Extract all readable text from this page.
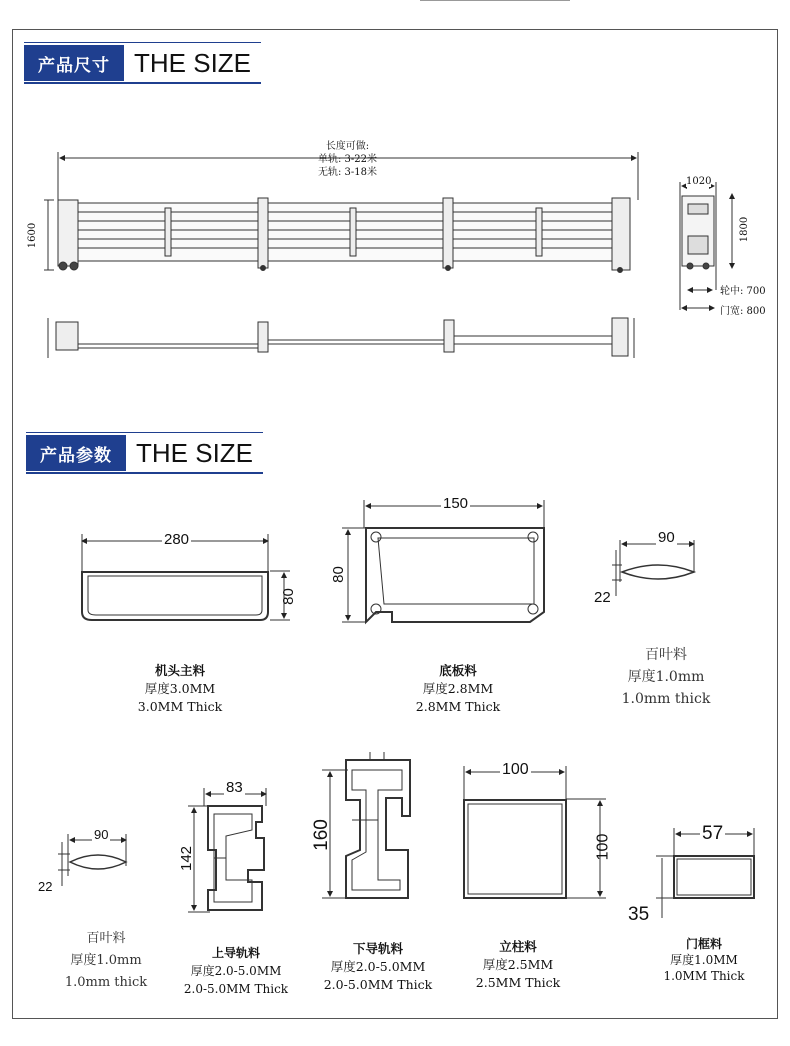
产品尺寸 THE SIZE
产品参数 THE SIZE
长度可做:
单轨: 3-22米
无轨: 3-18米
1600
1020
1800
轮中: 700
门宽: 800
280
80
150
80
90
22
90
22
83
142
160
100
100
57
35
机头主料
厚度3.0MM
3.0MM Thick
底板料
厚度2.8MM
2.8MM Thick
百叶料
厚度1.0mm
1.0mm thick
百叶料
厚度1.0mm
1.0mm thick
上导轨料
厚度2.0-5.0MM
2.0-5.0MM Thick
下导轨料
厚度2.0-5.0MM
2.0-5.0MM Thick
立柱料
厚度2.5MM
2.5MM Thick
门框料
厚度1.0MM
1.0MM Thick
